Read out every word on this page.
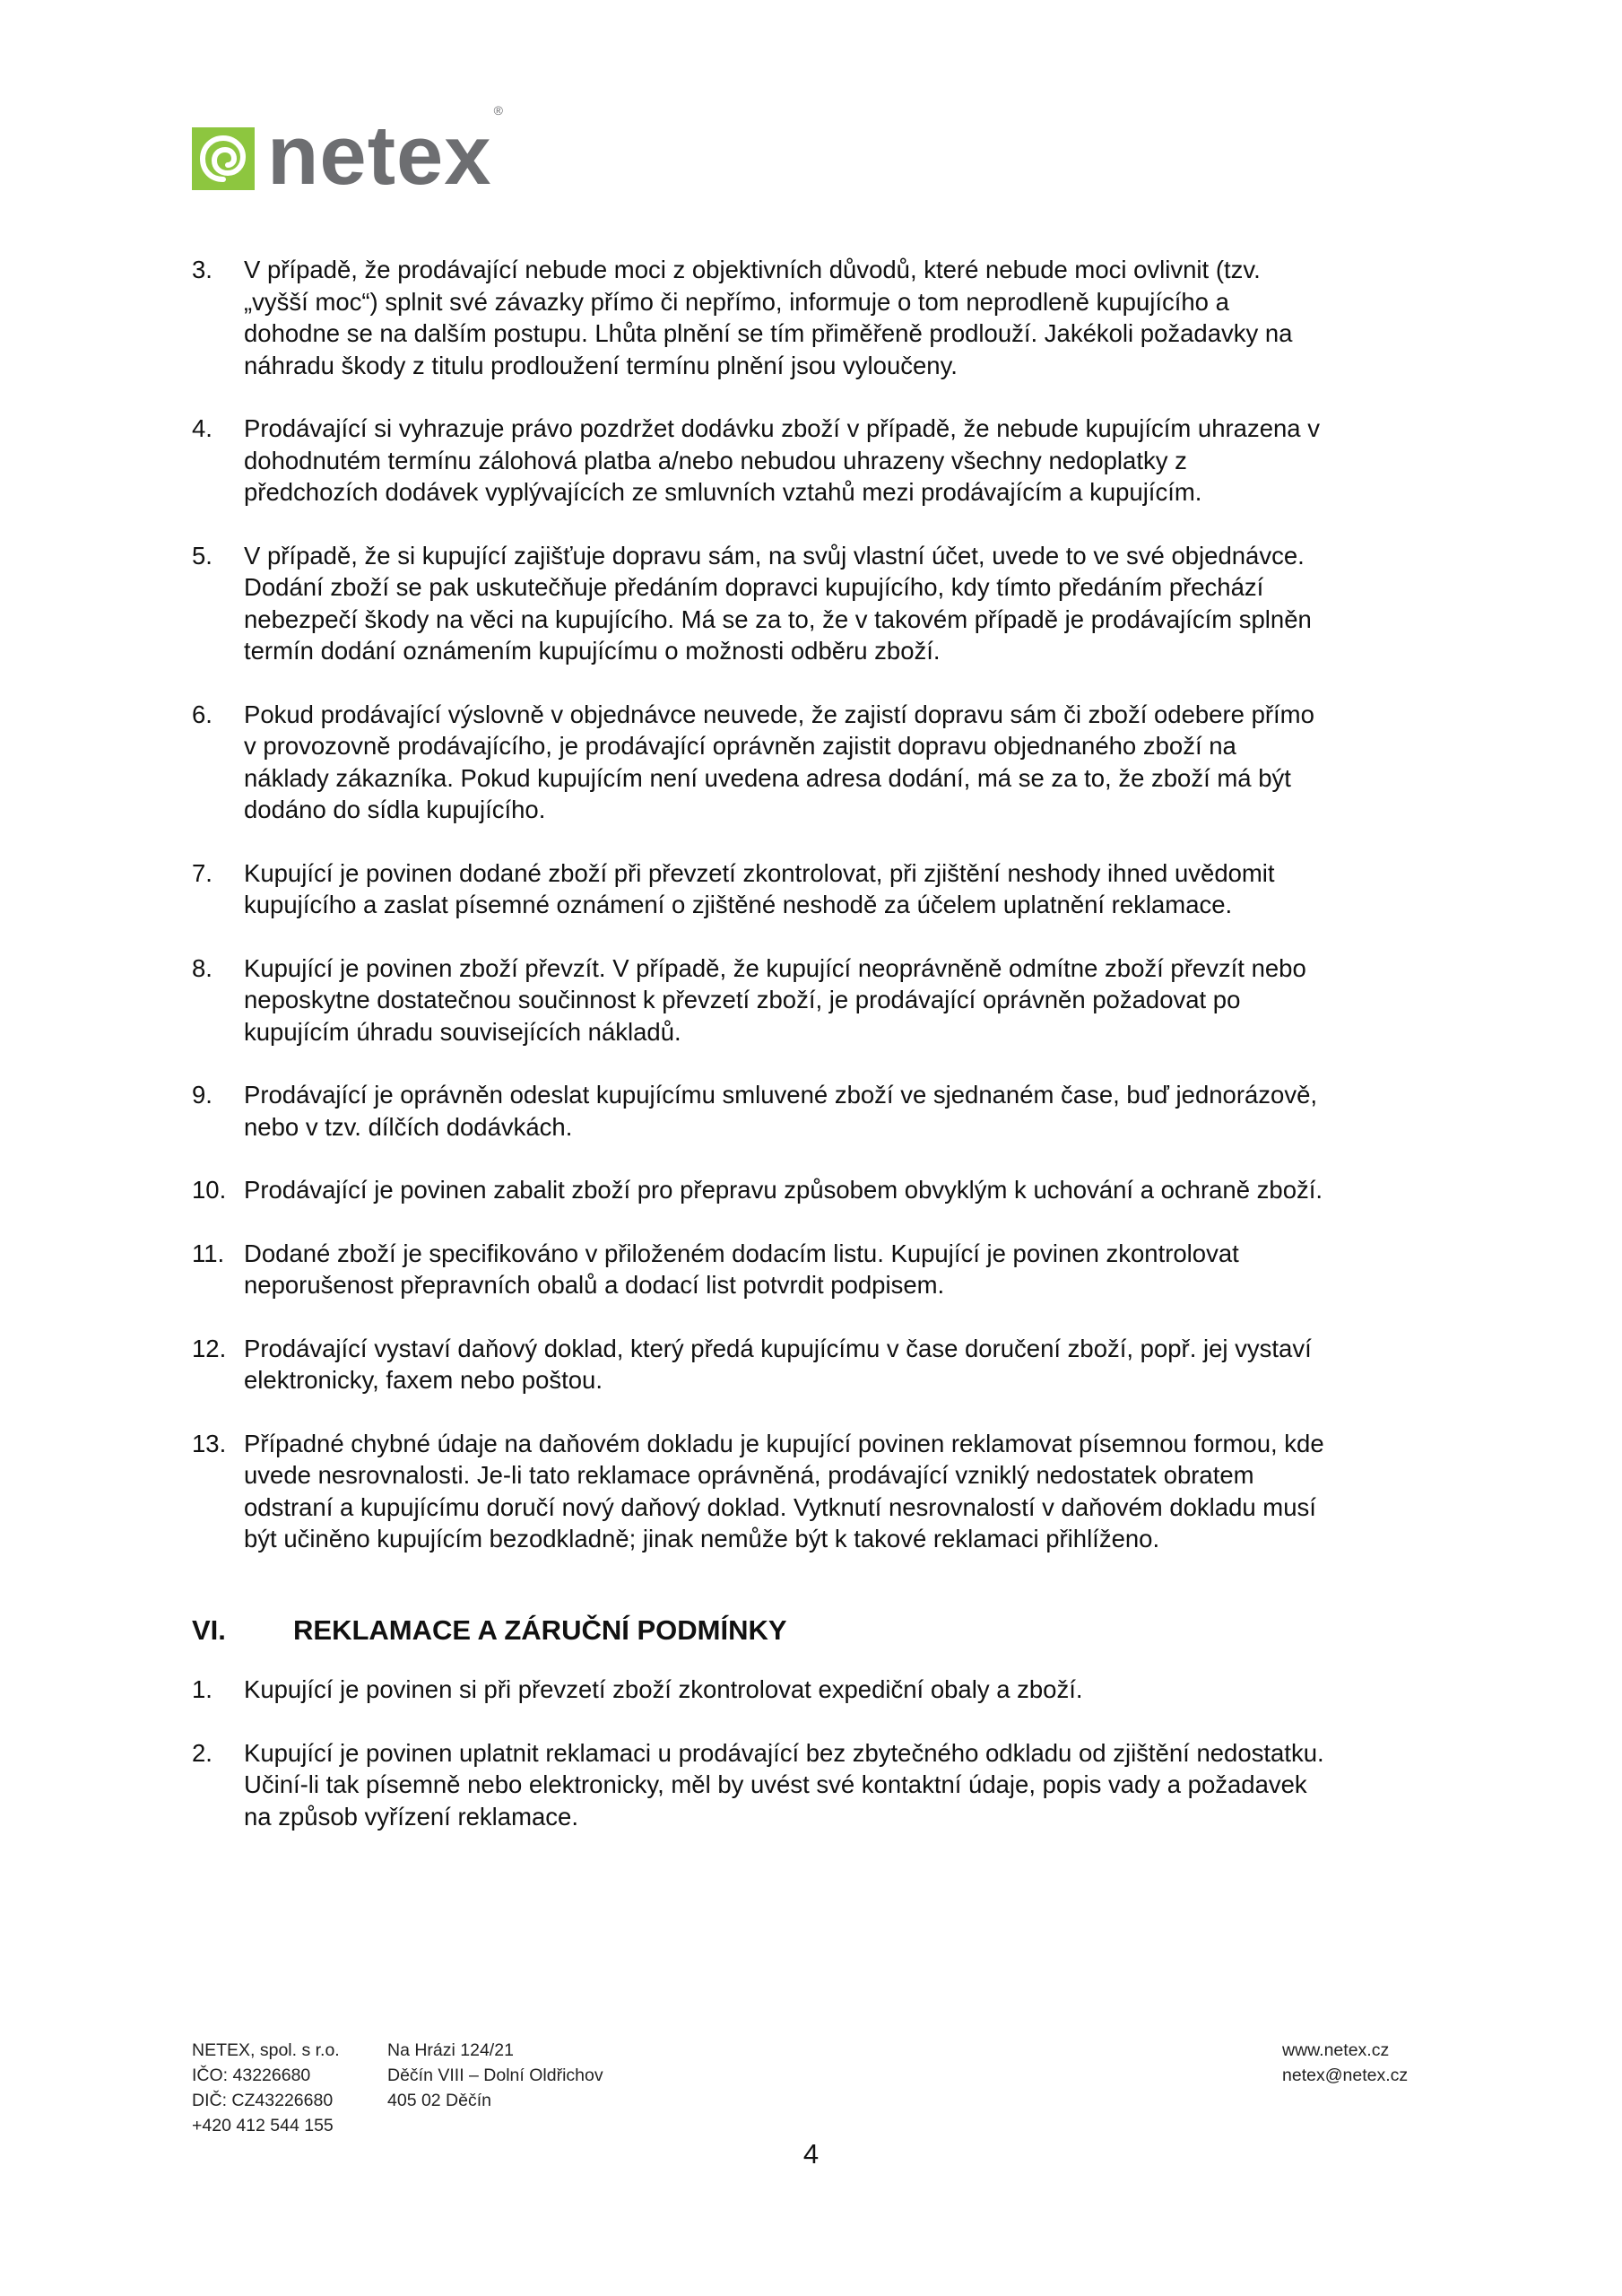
netex ®
3.	V případě, že prodávající nebude moci z objektivních důvodů, které nebude moci ovlivnit (tzv.
„vyšší moc“) splnit své závazky přímo či nepřímo, informuje o tom neprodleně kupujícího a
dohodne se na dalším postupu. Lhůta plnění se tím přiměřeně prodlouží. Jakékoli požadavky na
náhradu škody z titulu prodloužení termínu plnění jsou vyloučeny.
4.	Prodávající si vyhrazuje právo pozdržet dodávku zboží v případě, že nebude kupujícím uhrazena v
dohodnutém termínu zálohová platba a/nebo nebudou uhrazeny všechny nedoplatky z
předchozích dodávek vyplývajících ze smluvních vztahů mezi prodávajícím a kupujícím.
5.	V případě, že si kupující zajišťuje dopravu sám, na svůj vlastní účet, uvede to ve své objednávce.
Dodání zboží se pak uskutečňuje předáním dopravci kupujícího, kdy tímto předáním přechází
nebezpečí škody na věci na kupujícího. Má se za to, že v takovém případě je prodávajícím splněn
termín dodání oznámením kupujícímu o možnosti odběru zboží.
6.	Pokud prodávající výslovně v objednávce neuvede, že zajistí dopravu sám či zboží odebere přímo
v provozovně prodávajícího, je prodávající oprávněn zajistit dopravu objednaného zboží na
náklady zákazníka. Pokud kupujícím není uvedena adresa dodání, má se za to, že zboží má být
dodáno do sídla kupujícího.
7.	Kupující je povinen dodané zboží při převzetí zkontrolovat, při zjištění neshody ihned uvědomit
kupujícího a zaslat písemné oznámení o zjištěné neshodě za účelem uplatnění reklamace.
8.	Kupující je povinen zboží převzít. V případě, že kupující neoprávněně odmítne zboží převzít nebo
neposkytne dostatečnou součinnost k převzetí zboží, je prodávající oprávněn požadovat po
kupujícím úhradu souvisejících nákladů.
9.	Prodávající je oprávněn odeslat kupujícímu smluvené zboží ve sjednaném čase, buď jednorázově,
nebo v tzv. dílčích dodávkách.
10. Prodávající je povinen zabalit zboží pro přepravu způsobem obvyklým k uchování a ochraně zboží.
11. Dodané zboží je specifikováno v přiloženém dodacím listu. Kupující je povinen zkontrolovat
neporušenost přepravních obalů a dodací list potvrdit podpisem.
12. Prodávající vystaví daňový doklad, který předá kupujícímu v čase doručení zboží, popř. jej vystaví
elektronicky, faxem nebo poštou.
13. Případné chybné údaje na daňovém dokladu je kupující povinen reklamovat písemnou formou, kde
uvede nesrovnalosti. Je-li tato reklamace oprávněná, prodávající vzniklý nedostatek obratem
odstraní a kupujícímu doručí nový daňový doklad. Vytknutí nesrovnalostí v daňovém dokladu musí
být učiněno kupujícím bezodkladně; jinak nemůže být k takové reklamaci přihlíženo.
VI.	REKLAMACE A ZÁRUČNÍ PODMÍNKY
1.	Kupující je povinen si při převzetí zboží zkontrolovat expediční obaly a zboží.
2.	Kupující je povinen uplatnit reklamaci u prodávající bez zbytečného odkladu od zjištění nedostatku.
Učiní-li tak písemně nebo elektronicky, měl by uvést své kontaktní údaje, popis vady a požadavek
na způsob vyřízení reklamace.
NETEX, spol. s r.o.
IČO: 43226680
DIČ: CZ43226680
+420 412 544 155
Na Hrázi 124/21
Děčín VIII – Dolní Oldřichov
405 02 Děčín
www.netex.cz
netex@netex.cz
4
